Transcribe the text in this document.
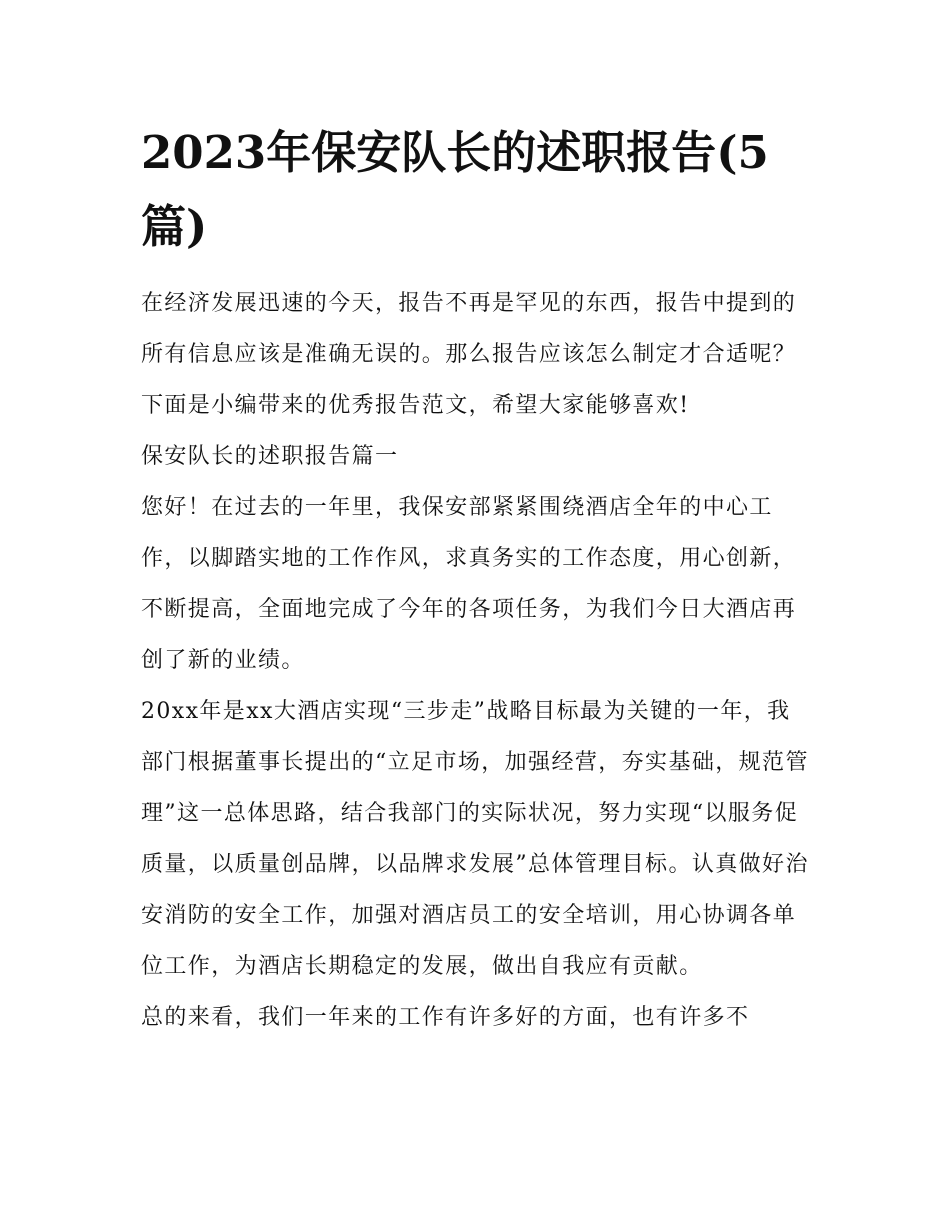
2023年保安队长的述职报告(5篇)

在经济发展迅速的今天，报告不再是罕见的东西，报告中提到的所有信息应该是准确无误的。那么报告应该怎么制定才合适呢？下面是小编带来的优秀报告范文，希望大家能够喜欢!

保安队长的述职报告篇一

您好！在过去的一年里，我保安部紧紧围绕酒店全年的中心工作，以脚踏实地的工作作风，求真务实的工作态度，用心创新，不断提高，全面地完成了今年的各项任务，为我们今日大酒店再创了新的业绩。

20xx年是xx大酒店实现“三步走”战略目标最为关键的一年，我部门根据董事长提出的“立足市场，加强经营，夯实基础，规范管理”这一总体思路，结合我部门的实际状况，努力实现“以服务促质量，以质量创品牌，以品牌求发展”总体管理目标。认真做好治安消防的安全工作，加强对酒店员工的安全培训，用心协调各单位工作，为酒店长期稳定的发展，做出自我应有贡献。

总的来看，我们一年来的工作有许多好的方面，也有许多不
